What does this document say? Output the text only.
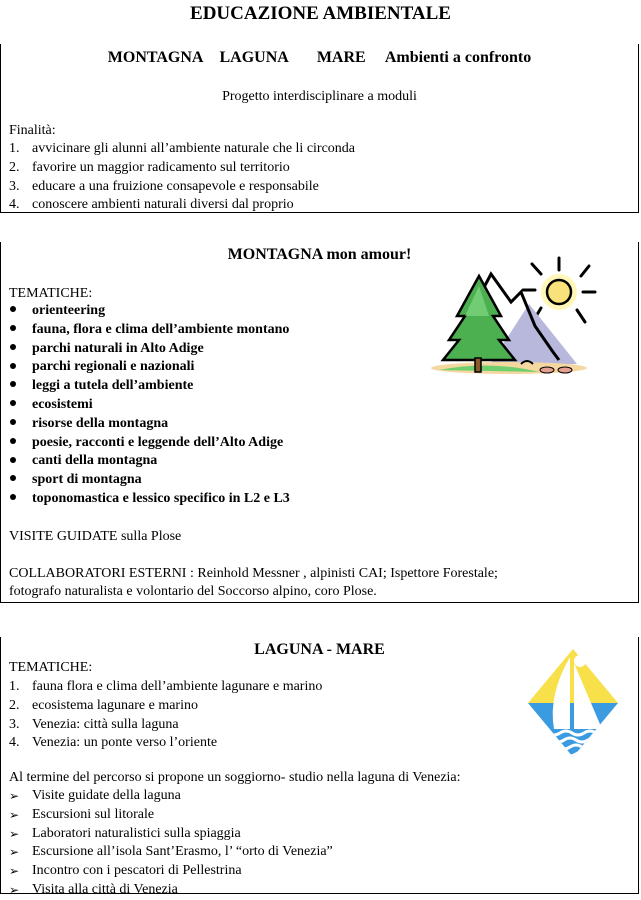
EDUCAZIONE AMBIENTALE
MONTAGNA LAGUNA MARE Ambienti a confronto
Progetto interdisciplinare a moduli
Finalità:
1. avvicinare gli alunni all’ambiente naturale che li circonda
2. favorire un maggior radicamento sul territorio
3. educare a una fruizione consapevole e responsabile
4. conoscere ambienti naturali diversi dal proprio
MONTAGNA mon amour!
TEMATICHE:
orienteering
fauna, flora e clima dell’ambiente montano
parchi naturali in Alto Adige
parchi regionali e nazionali
leggi a tutela dell’ambiente
ecosistemi
risorse della montagna
poesie, racconti e leggende dell’Alto Adige
canti della montagna
sport di montagna
toponomastica e lessico specifico in L2 e L3
VISITE GUIDATE sulla Plose
COLLABORATORI ESTERNI : Reinhold Messner , alpinisti CAI; Ispettore Forestale;
fotografo naturalista e volontario del Soccorso alpino, coro Plose.
LAGUNA - MARE
TEMATICHE:
1. fauna flora e clima dell’ambiente lagunare e marino
2. ecosistema lagunare e marino
3. Venezia: città sulla laguna
4. Venezia: un ponte verso l’oriente
Al termine del percorso si propone un soggiorno- studio nella laguna di Venezia:
➢ Visite guidate della laguna
➢ Escursioni sul litorale
➢ Laboratori naturalistici sulla spiaggia
➢ Escursione all’isola Sant’Erasmo, l’ “orto di Venezia”
➢ Incontro con i pescatori di Pellestrina
➢ Visita alla città di Venezia
